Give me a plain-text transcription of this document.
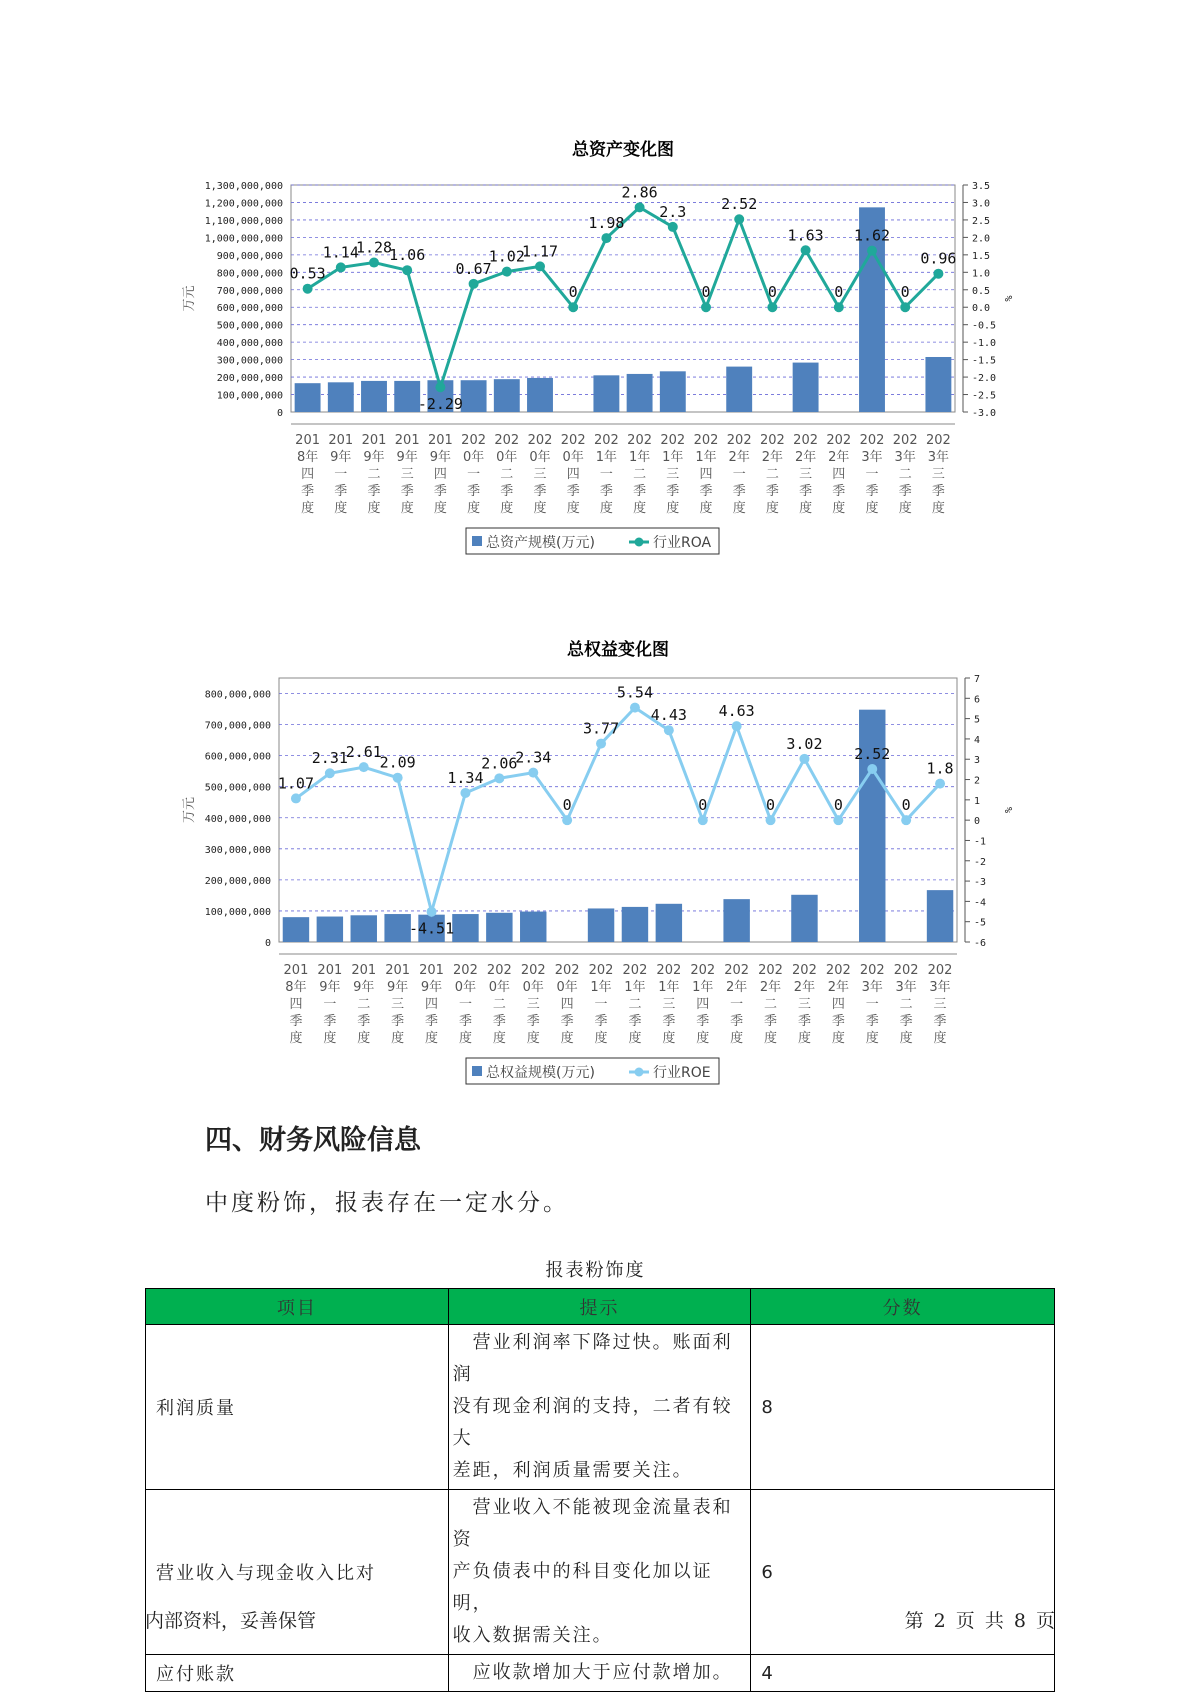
总资产变化图
0
100,000,000
200,000,000
300,000,000
400,000,000
500,000,000
600,000,000
700,000,000
800,000,000
900,000,000
1,000,000,000
1,100,000,000
1,200,000,000
1,300,000,000
-3.0
-2.5
-2.0
-1.5
-1.0
-0.5
0.0
0.5
1.0
1.5
2.0
2.5
3.0
3.5
万元	%
0.53
1.14
1.28
1.06
-2.29
0.67
1.02
1.17
0
1.98
2.86
2.3
0
2.52
0
1.63
0
1.62
0
0.96
201 8年四季度
201 9年一季度
201 9年二季度
201 9年三季度
201 9年四季度
202 0年一季度
202 0年二季度
202 0年三季度
202 0年四季度
202 1年一季度
202 1年二季度
202 1年三季度
202 1年四季度
202 2年一季度
202 2年二季度
202 2年三季度
202 2年四季度
202 3年一季度
202 3年二季度
202 3年三季度
总资产规模(万元)	行业ROA
总权益变化图
0
100,000,000
200,000,000
300,000,000
400,000,000
500,000,000
600,000,000
700,000,000
800,000,000
-6
-5
-4
-3
-2
-1
0
1
2
3
4
5
6
7
万元	%
1.07
2.31
2.61
2.09
-4.51
1.34
2.06
2.34
0
3.77
5.54
4.43
0
4.63
0
3.02
0
2.52
0
1.8
201 8年四季度
201 9年一季度
201 9年二季度
201 9年三季度
201 9年四季度
202 0年一季度
202 0年二季度
202 0年三季度
202 0年四季度
202 1年一季度
202 1年二季度
202 1年三季度
202 1年四季度
202 2年一季度
202 2年二季度
202 2年三季度
202 2年四季度
202 3年一季度
202 3年二季度
202 3年三季度
总权益规模(万元)	行业ROE
四、财务风险信息

中度粉饰，报表存在一定水分。

报表粉饰度
项目	提示	分数
利润质量	　营业利润率下降过快。账面利润
没有现金利润的支持，二者有较大
差距，利润质量需要关注。	8
营业收入与现金收入比对	　营业收入不能被现金流量表和资
产负债表中的科目变化加以证明，
收入数据需关注。	6
应付账款	　应收款增加大于应付款增加。	4
内部资料，妥善保管	第 2 页 共 8 页
